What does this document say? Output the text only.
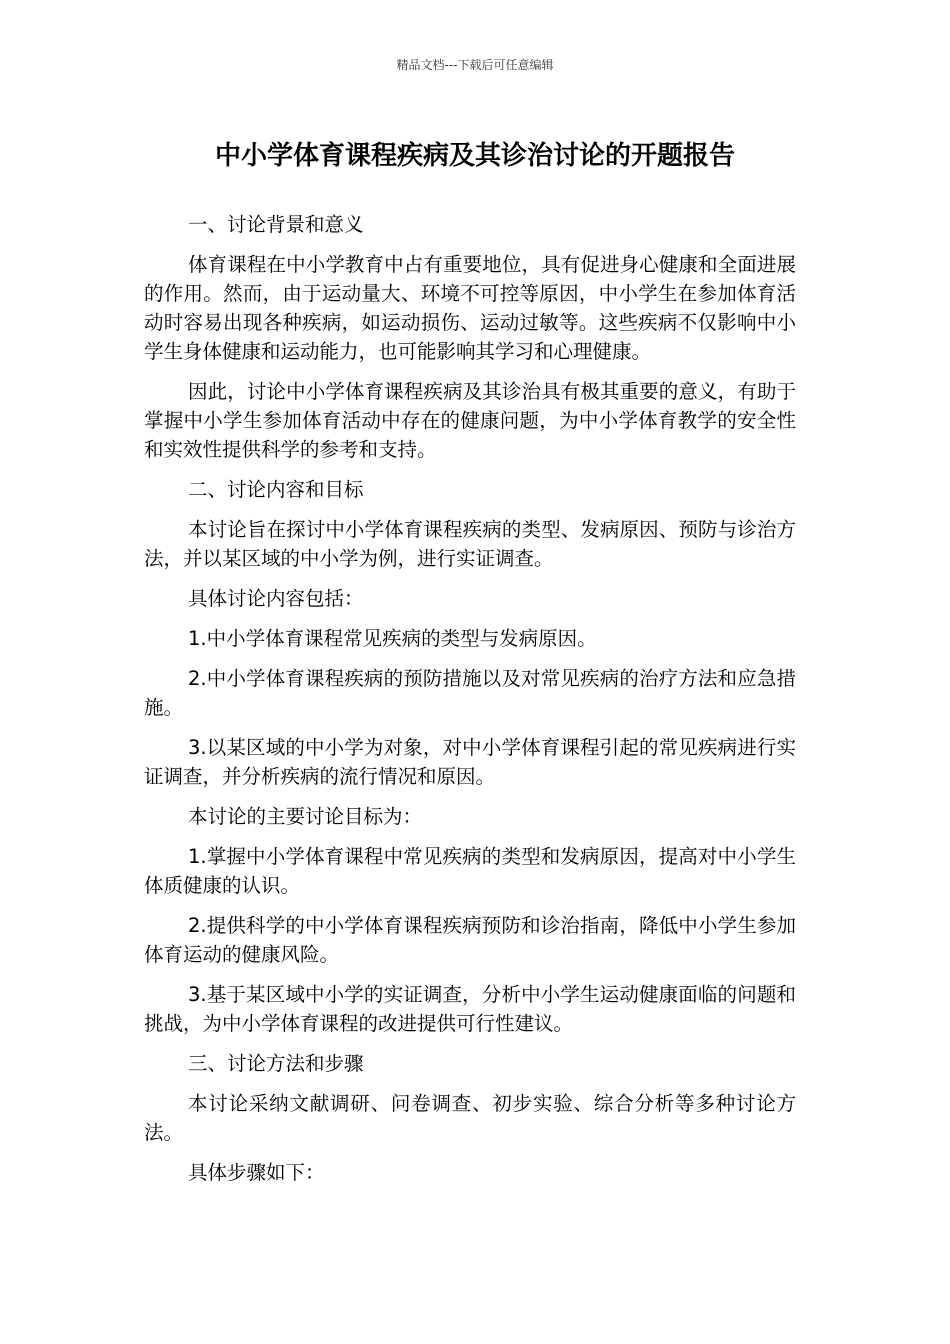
精品文档---下载后可任意编辑
中小学体育课程疾病及其诊治讨论的开题报告

一、讨论背景和意义

体育课程在中小学教育中占有重要地位，具有促进身心健康和全面进展的作用。然而，由于运动量大、环境不可控等原因，中小学生在参加体育活动时容易出现各种疾病，如运动损伤、运动过敏等。这些疾病不仅影响中小学生身体健康和运动能力，也可能影响其学习和心理健康。

因此，讨论中小学体育课程疾病及其诊治具有极其重要的意义，有助于掌握中小学生参加体育活动中存在的健康问题，为中小学体育教学的安全性和实效性提供科学的参考和支持。

二、讨论内容和目标

本讨论旨在探讨中小学体育课程疾病的类型、发病原因、预防与诊治方法，并以某区域的中小学为例，进行实证调查。

具体讨论内容包括：

1.中小学体育课程常见疾病的类型与发病原因。

2.中小学体育课程疾病的预防措施以及对常见疾病的治疗方法和应急措施。

3.以某区域的中小学为对象，对中小学体育课程引起的常见疾病进行实证调查，并分析疾病的流行情况和原因。

本讨论的主要讨论目标为：

1.掌握中小学体育课程中常见疾病的类型和发病原因，提高对中小学生体质健康的认识。

2.提供科学的中小学体育课程疾病预防和诊治指南，降低中小学生参加体育运动的健康风险。

3.基于某区域中小学的实证调查，分析中小学生运动健康面临的问题和挑战，为中小学体育课程的改进提供可行性建议。

三、讨论方法和步骤

本讨论采纳文献调研、问卷调查、初步实验、综合分析等多种讨论方法。

具体步骤如下：
